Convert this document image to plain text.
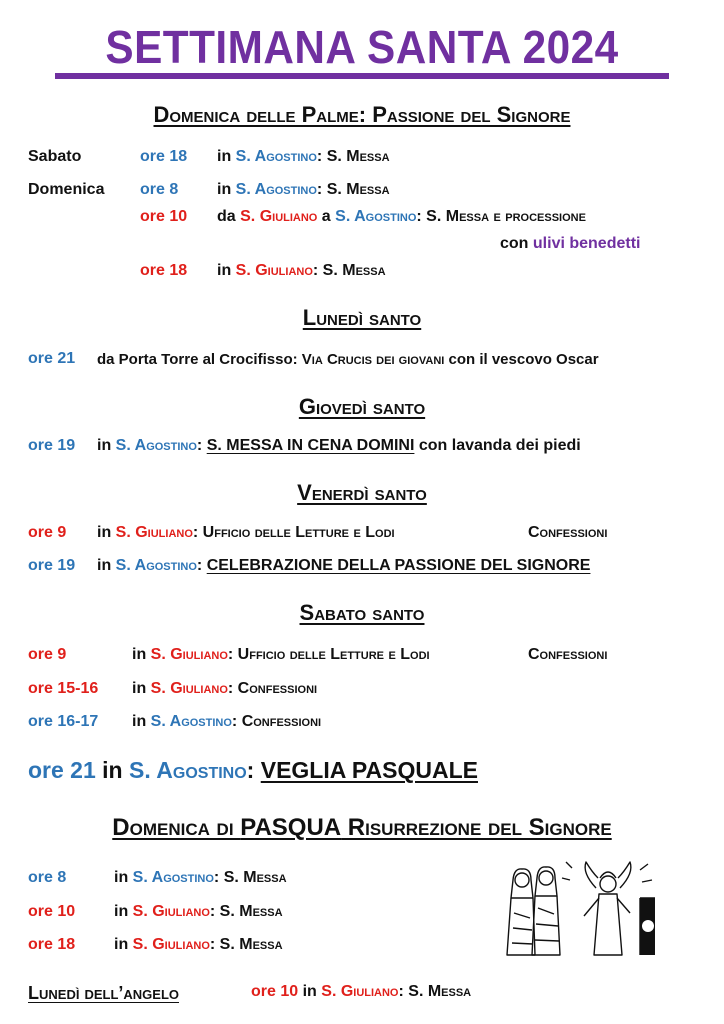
SETTIMANA SANTA 2024
Domenica delle Palme: Passione del Signore
Sabato	ore 18 in S. Agostino: S. Messa
Domenica ore 8 in S. Agostino: S. Messa
ore 10 da S. Giuliano a S. Agostino: S. Messa e processione
con ulivi benedetti
ore 18 in S. Giuliano: S. Messa
Lunedì santo
ore 21 da Porta Torre al Crocifisso: Via Crucis dei giovani con il vescovo Oscar
Giovedì santo
ore 19 in S. Agostino: S. MESSA IN CENA DOMINI con lavanda dei piedi
Venerdì santo
ore 9 in S. Giuliano: Ufficio delle Letture e Lodi	Confessioni
ore 19 in S. Agostino: CELEBRAZIONE DELLA PASSIONE DEL SIGNORE
Sabato santo
ore 9	in S. Giuliano: Ufficio delle Letture e Lodi	Confessioni
ore 15-16 in S. Giuliano: Confessioni
ore 16-17 in S. Agostino: Confessioni
ore 21 in S. Agostino: VEGLIA PASQUALE
Domenica di PASQUA Risurrezione del Signore
ore 8	in S. Agostino: S. Messa
ore 10 in S. Giuliano: S. Messa
ore 18 in S. Giuliano: S. Messa
Lunedì dell’angelo	ore 10 in S. Giuliano: S. Messa
